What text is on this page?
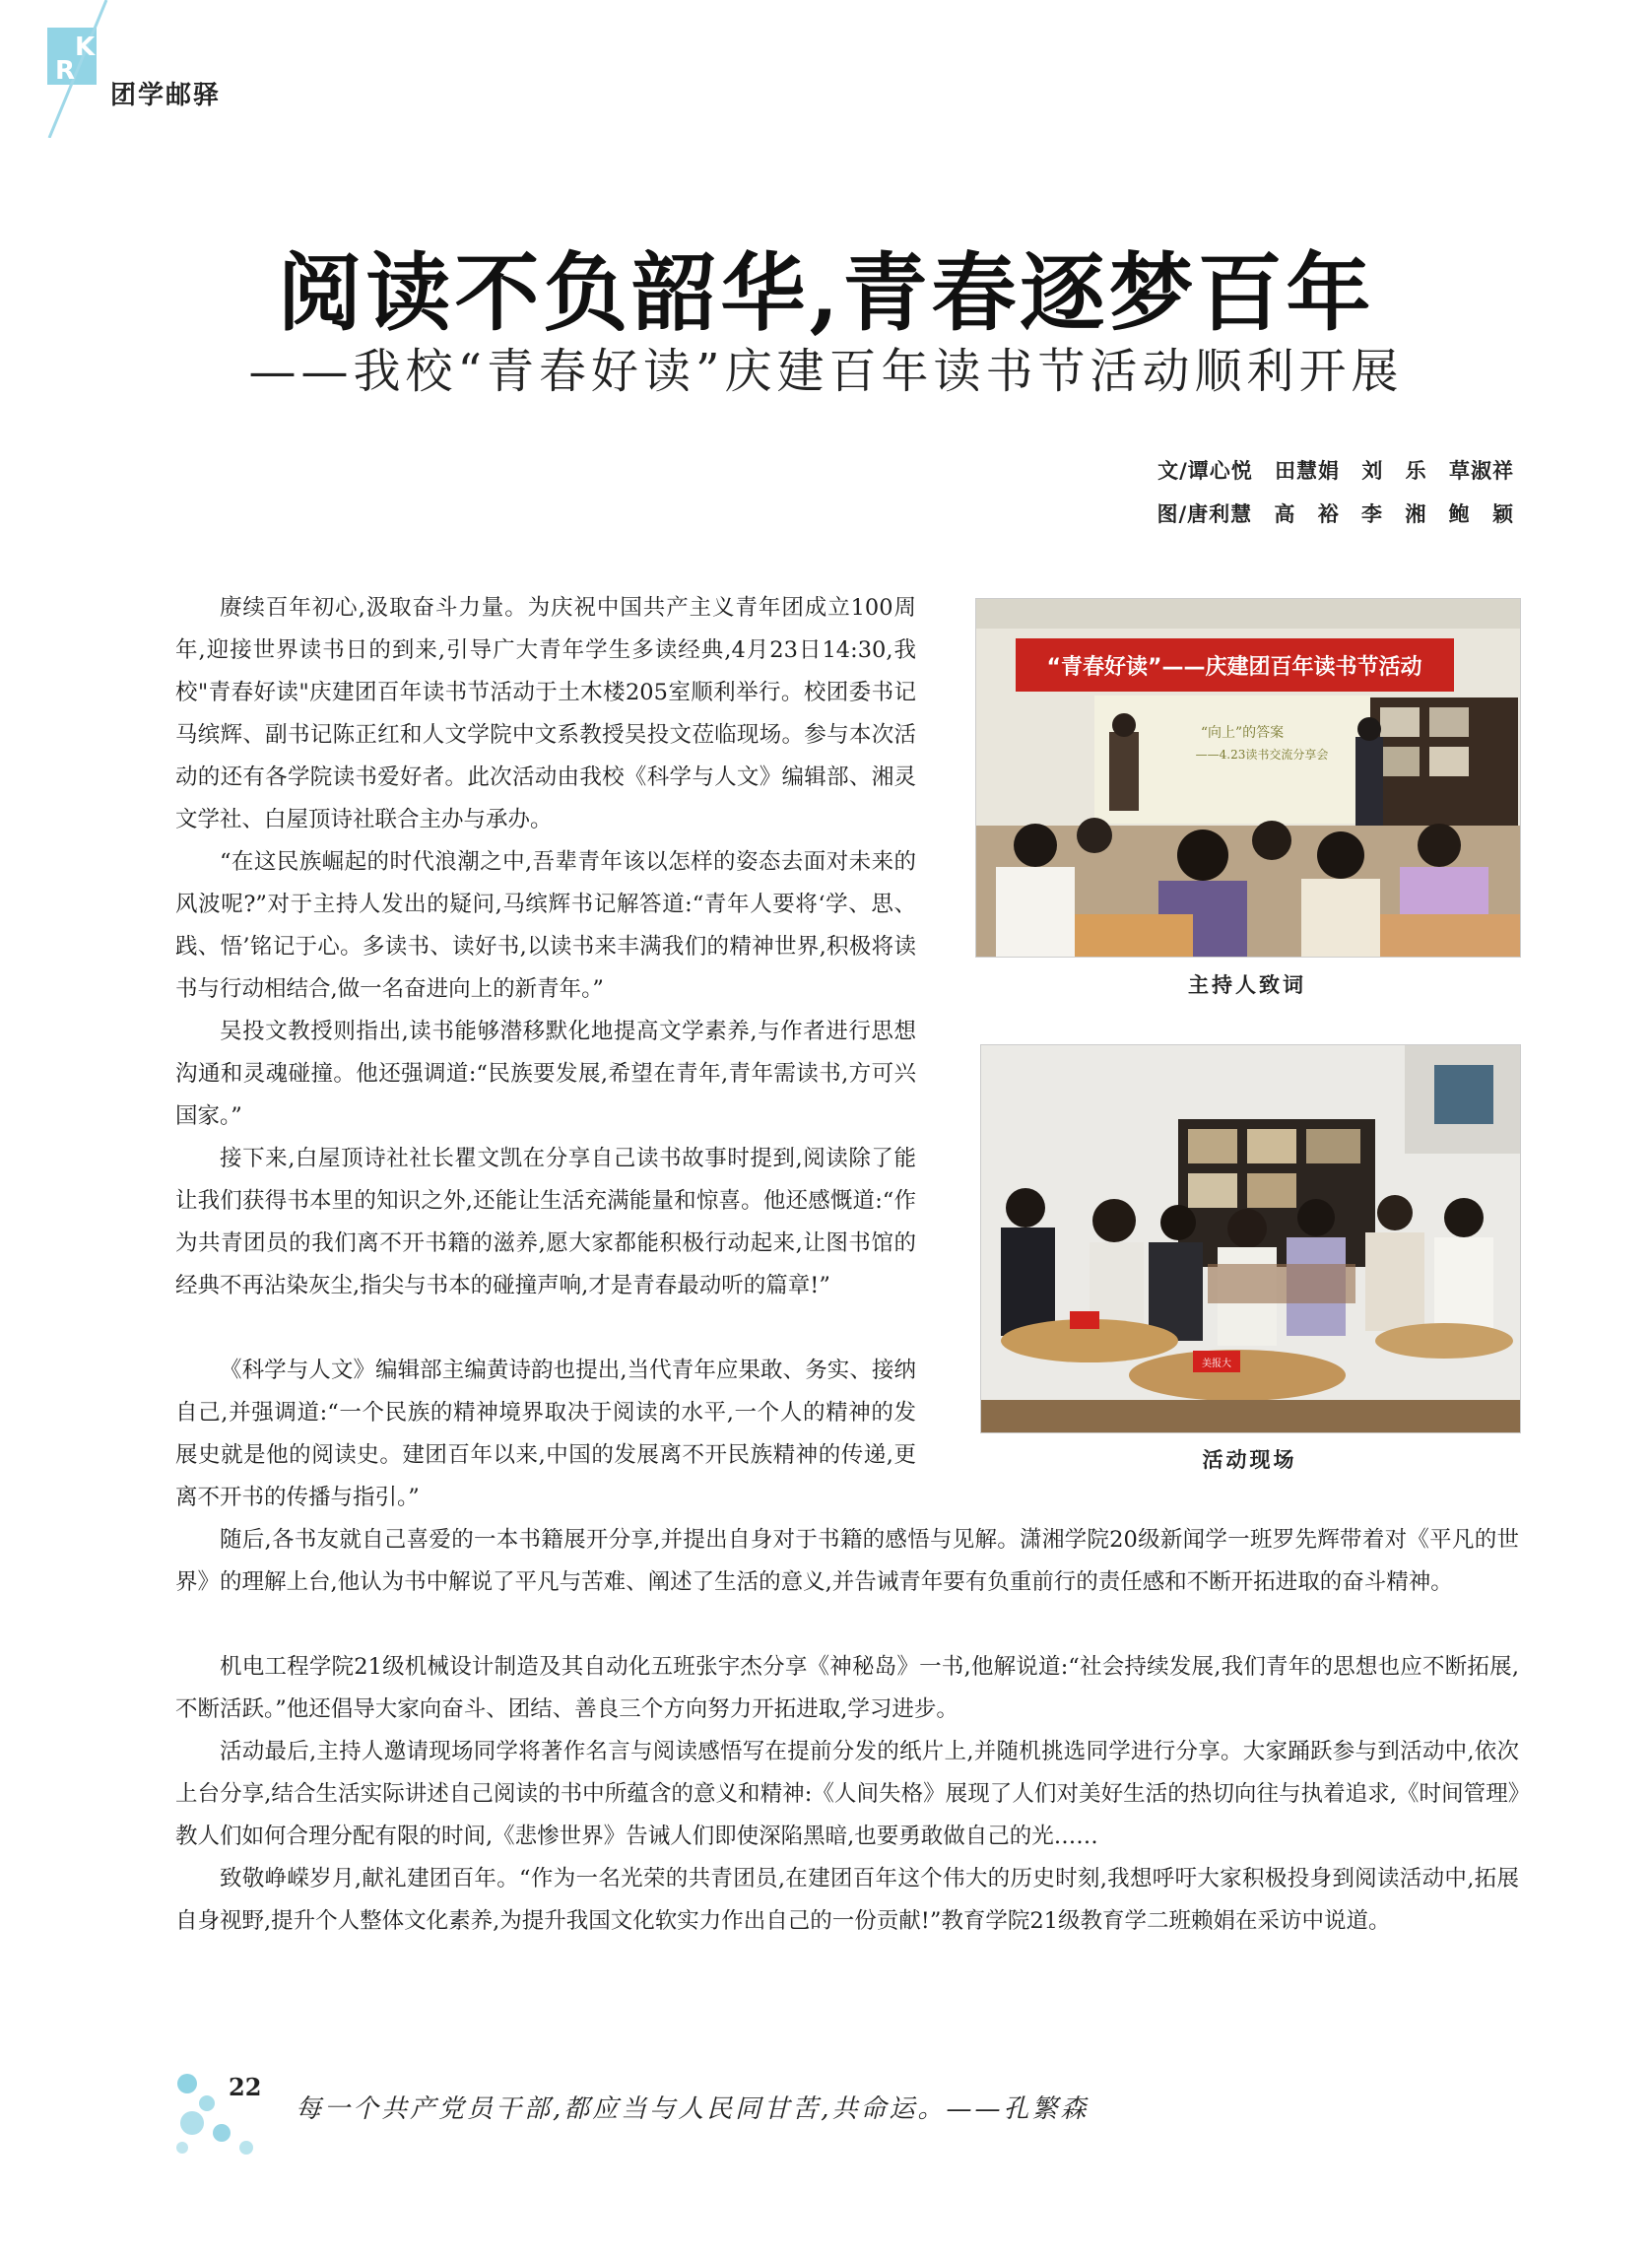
K
R
团学邮驿
阅读不负韶华,青春逐梦百年
——我校“青春好读”庆建百年读书节活动顺利开展
文/谭心悦 田慧娟 刘 乐 草淑祥
图/唐利慧 高 裕 李 湘 鲍 颖

赓续百年初心,汲取奋斗力量。为庆祝中国共产主义青年团成立100周年,迎接世界读书日的到来,引导广大青年学生多读经典,4月23日14:30,我校"青春好读"庆建团百年读书节活动于土木楼205室顺利举行。校团委书记马缤辉、副书记陈正红和人文学院中文系教授吴投文莅临现场。参与本次活动的还有各学院读书爱好者。此次活动由我校《科学与人文》编辑部、湘灵文学社、白屋顶诗社联合主办与承办。

“在这民族崛起的时代浪潮之中,吾辈青年该以怎样的姿态去面对未来的风波呢?”对于主持人发出的疑问,马缤辉书记解答道:“青年人要将‘学、思、践、悟’铭记于心。多读书、读好书,以读书来丰满我们的精神世界,积极将读书与行动相结合,做一名奋进向上的新青年。”

吴投文教授则指出,读书能够潜移默化地提高文学素养,与作者进行思想沟通和灵魂碰撞。他还强调道:“民族要发展,希望在青年,青年需读书,方可兴国家。”

接下来,白屋顶诗社社长瞿文凯在分享自己读书故事时提到,阅读除了能让我们获得书本里的知识之外,还能让生活充满能量和惊喜。他还感慨道:“作为共青团员的我们离不开书籍的滋养,愿大家都能积极行动起来,让图书馆的经典不再沾染灰尘,指尖与书本的碰撞声响,才是青春最动听的篇章!”

《科学与人文》编辑部主编黄诗韵也提出,当代青年应果敢、务实、接纳自己,并强调道:“一个民族的精神境界取决于阅读的水平,一个人的精神的发展史就是他的阅读史。建团百年以来,中国的发展离不开民族精神的传递,更离不开书的传播与指引。”

随后,各书友就自己喜爱的一本书籍展开分享,并提出自身对于书籍的感悟与见解。潇湘学院20级新闻学一班罗先辉带着对《平凡的世界》的理解上台,他认为书中解说了平凡与苦难、阐述了生活的意义,并告诫青年要有负重前行的责任感和不断开拓进取的奋斗精神。

机电工程学院21级机械设计制造及其自动化五班张宇杰分享《神秘岛》一书,他解说道:“社会持续发展,我们青年的思想也应不断拓展,不断活跃。”他还倡导大家向奋斗、团结、善良三个方向努力开拓进取,学习进步。

活动最后,主持人邀请现场同学将著作名言与阅读感悟写在提前分发的纸片上,并随机挑选同学进行分享。大家踊跃参与到活动中,依次上台分享,结合生活实际讲述自己阅读的书中所蕴含的意义和精神:《人间失格》展现了人们对美好生活的热切向往与执着追求,《时间管理》教人们如何合理分配有限的时间,《悲惨世界》告诫人们即使深陷黑暗,也要勇敢做自己的光……

致敬峥嵘岁月,献礼建团百年。“作为一名光荣的共青团员,在建团百年这个伟大的历史时刻,我想呼吁大家积极投身到阅读活动中,拓展自身视野,提升个人整体文化素养,为提升我国文化软实力作出自己的一份贡献!”教育学院21级教育学二班赖娟在采访中说道。

“青春好读”——庆建团百年读书节活动
“向上”的答案
——4.23读书交流分享会
主持人致词
美报大
活动现场
22
每一个共产党员干部,都应当与人民同甘苦,共命运。——孔繁森
